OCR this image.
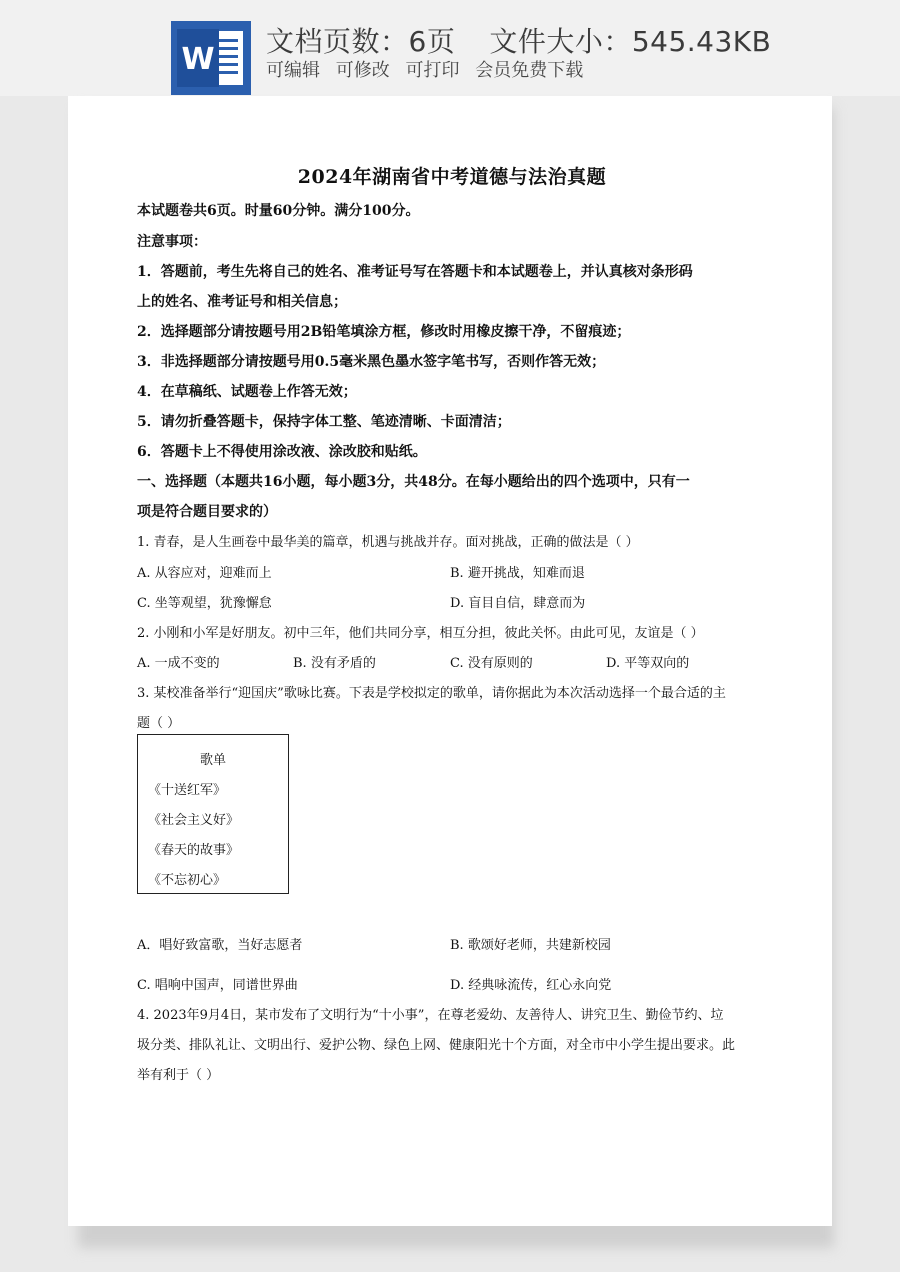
W
文档页数：6页 文件大小：545.43KB
可编辑 可修改 可打印 会员免费下载
2024年湖南省中考道德与法治真题
本试题卷共6页。时量60分钟。满分100分。
注意事项：
1．答题前，考生先将自己的姓名、准考证号写在答题卡和本试题卷上，并认真核对条形码
上的姓名、准考证号和相关信息；
2．选择题部分请按题号用2B铅笔填涂方框，修改时用橡皮擦干净，不留痕迹；
3．非选择题部分请按题号用0.5毫米黑色墨水签字笔书写，否则作答无效；
4．在草稿纸、试题卷上作答无效；
5．请勿折叠答题卡，保持字体工整、笔迹清晰、卡面清洁；
6．答题卡上不得使用涂改液、涂改胶和贴纸。
一、选择题（本题共16小题，每小题3分，共48分。在每小题给出的四个选项中，只有一
项是符合题目要求的）
1. 青春，是人生画卷中最华美的篇章，机遇与挑战并存。面对挑战，正确的做法是（ ）
A. 从容应对，迎难而上	B. 避开挑战，知难而退
C. 坐等观望，犹豫懈怠	D. 盲目自信，肆意而为
2. 小刚和小军是好朋友。初中三年，他们共同分享，相互分担，彼此关怀。由此可见，友谊是（ ）
A. 一成不变的	B. 没有矛盾的	C. 没有原则的	D. 平等双向的
3. 某校准备举行“迎国庆”歌咏比赛。下表是学校拟定的歌单，请你据此为本次活动选择一个最合适的主
题（ ）
歌单
《十送红军》
《社会主义好》
《春天的故事》
《不忘初心》
A．唱好致富歌，当好志愿者	B. 歌颂好老师，共建新校园
C. 唱响中国声，同谱世界曲	D. 经典咏流传，红心永向党
4. 2023年9月4日，某市发布了文明行为“十小事”，在尊老爱幼、友善待人、讲究卫生、勤俭节约、垃
圾分类、排队礼让、文明出行、爱护公物、绿色上网、健康阳光十个方面，对全市中小学生提出要求。此
举有利于（ ）
